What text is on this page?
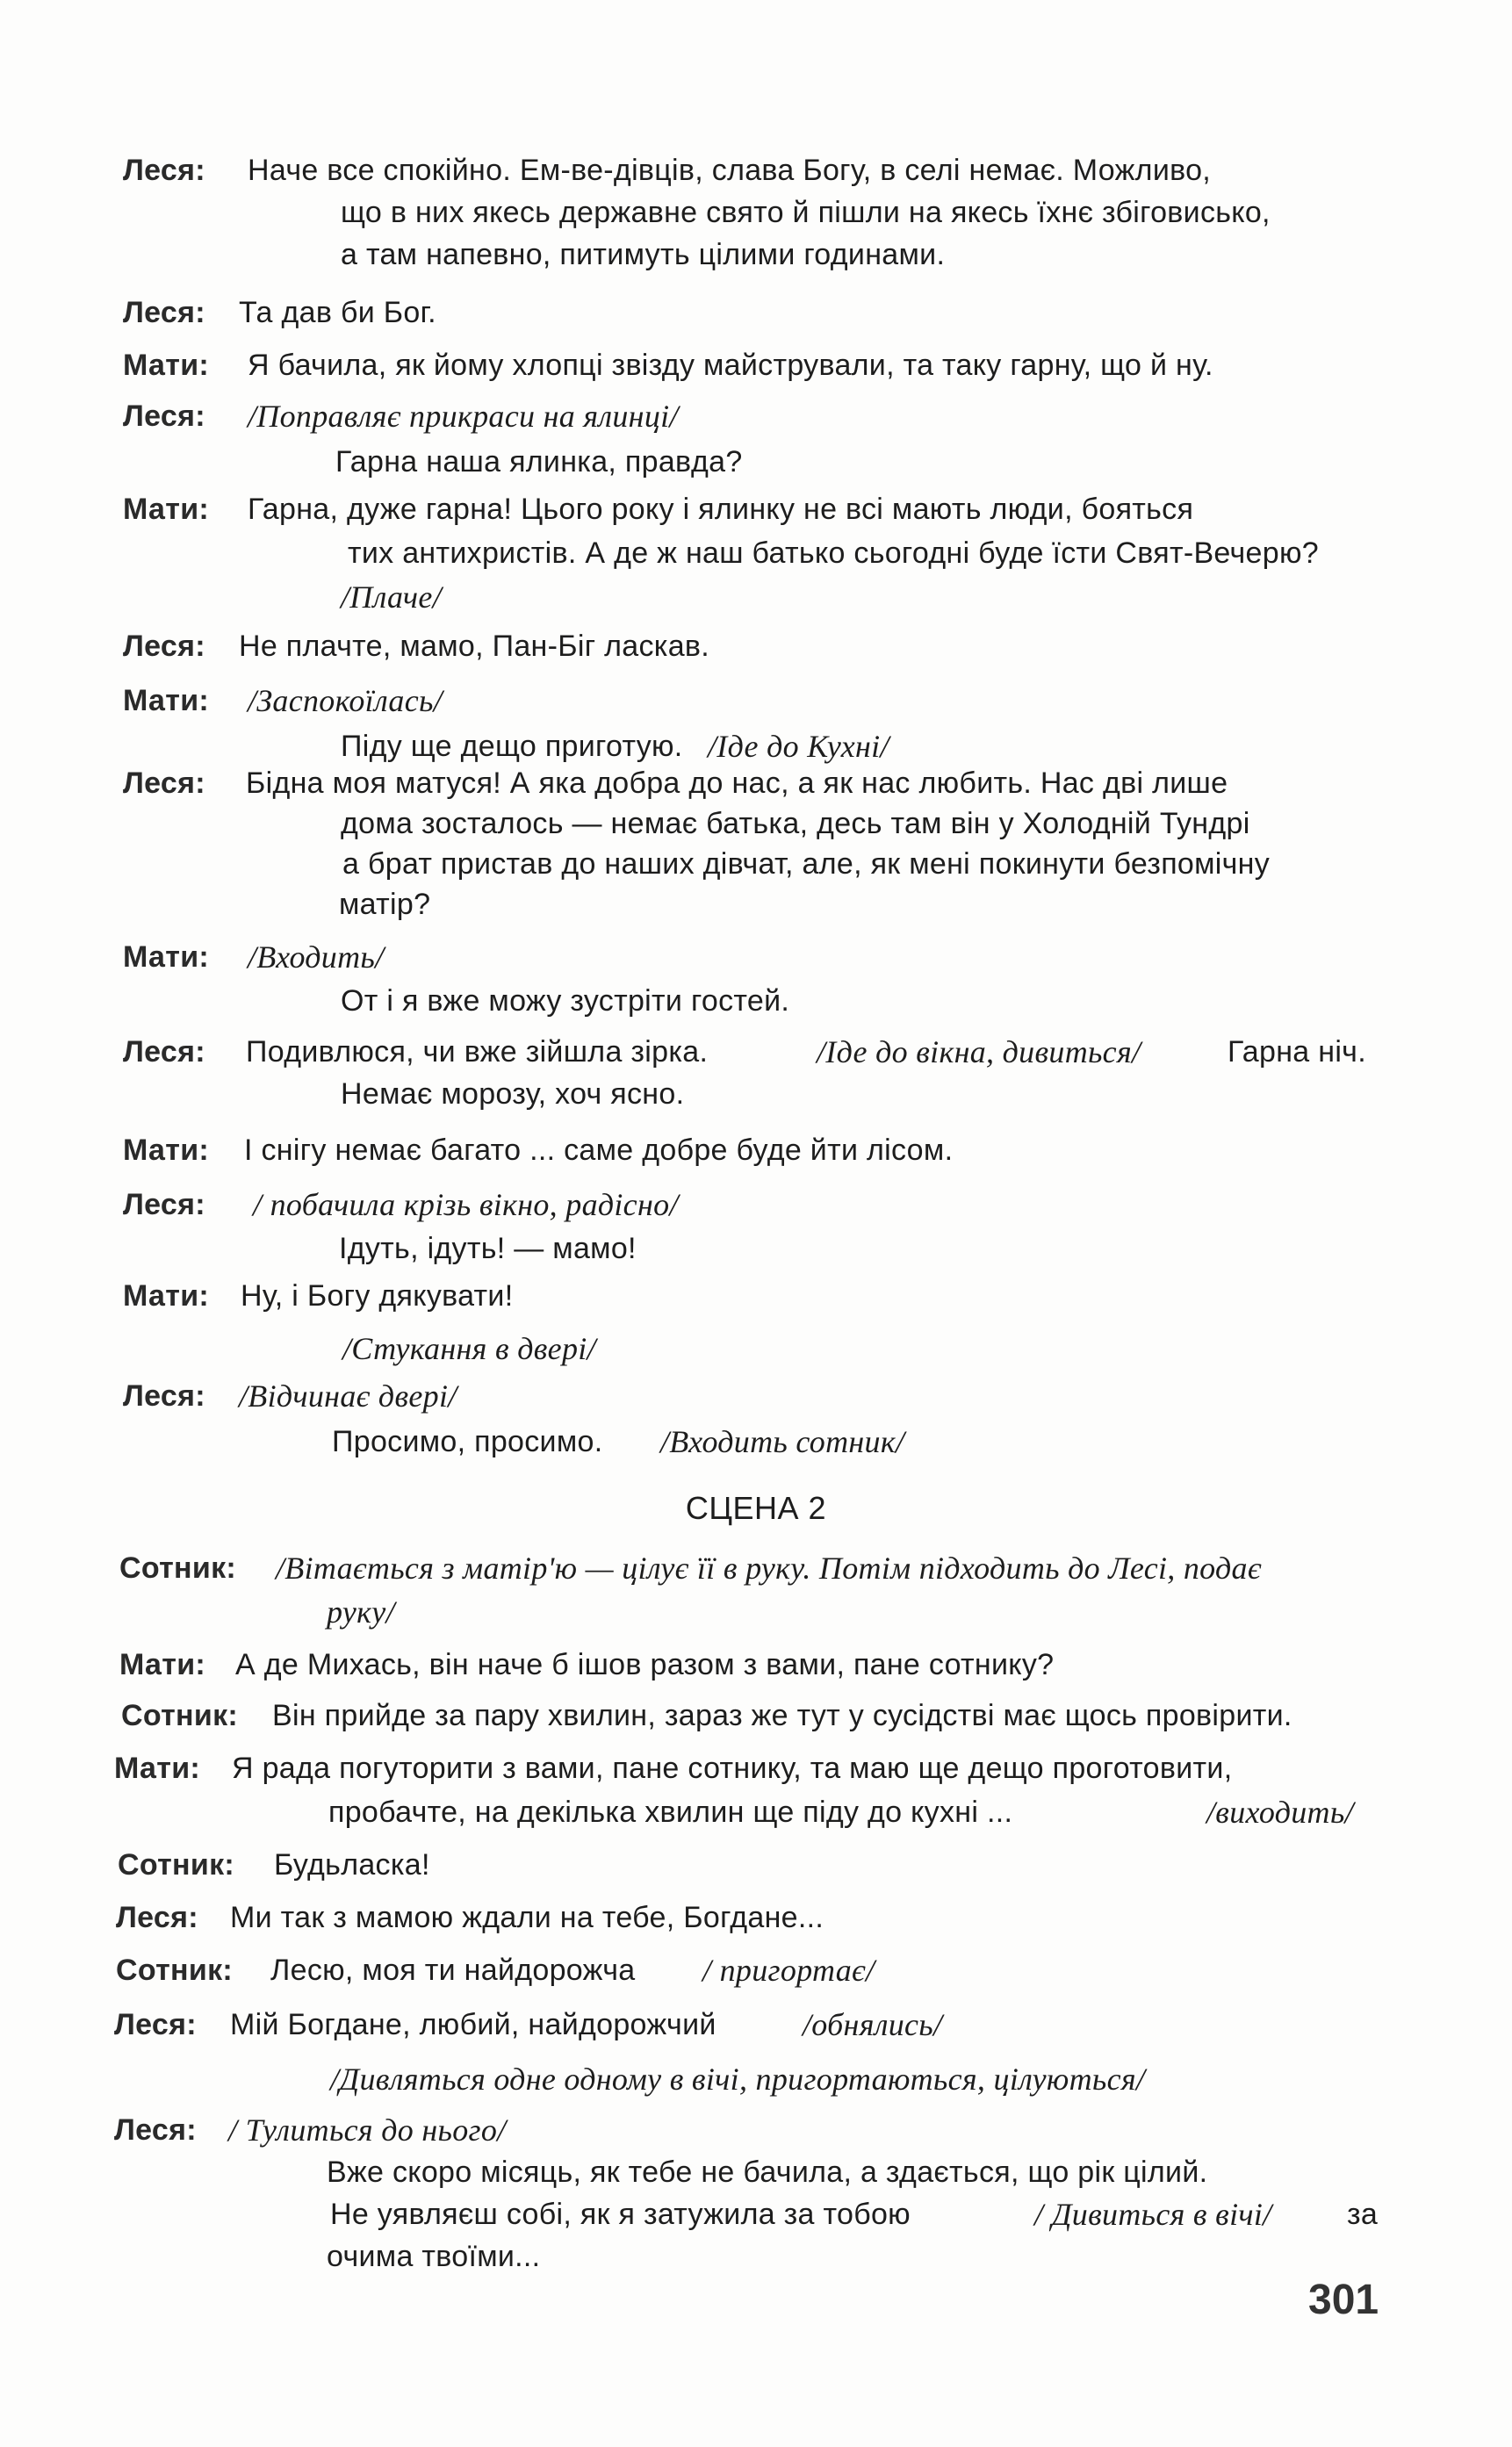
Леся: Наче все спокійно. Ем-ве-дівців, слава Богу, в селі немає. Можливо,
що в них якесь державне свято й пішли на якесь їхнє збіговисько,
а там напевно, питимуть цілими годинами.
Леся: Та дав би Бог.
Мати: Я бачила, як йому хлопці звізду майстрували, та таку гарну, що й ну.
Леся: /Поправляє прикраси на ялинці/
Гарна наша ялинка, правда?
Мати: Гарна, дуже гарна! Цього року і ялинку не всі мають люди, бояться
тих антихристів. А де ж наш батько сьогодні буде їсти Свят-Вечерю?
/Плаче/
Леся: Не плачте, мамо, Пан-Біг ласкав.
Мати: /Заспокоїлась/
Піду ще дещо приготую. /Іде до Кухні/
Леся: Бідна моя матуся! А яка добра до нас, а як нас любить. Нас дві лише
дома зосталось — немає батька, десь там він у Холодній Тундрі
а брат пристав до наших дівчат, але, як мені покинути безпомічну
матір?
Мати: /Входить/
От і я вже можу зустріти гостей.
Леся: Подивлюся, чи вже зійшла зірка.	/Іде до вікна, дивиться/	Гарна ніч.
Немає морозу, хоч ясно.
Мати: І снігу немає багато ... саме добре буде йти лісом.
Леся: / побачила крізь вікно, радісно/
Ідуть, ідуть! — мамо!
Мати: Ну, і Богу дякувати!
/Стукання в двері/
Леся: /Відчинає двері/
Просимо, просимо. /Входить сотник/
СЦЕНА 2
Сотник: /Вітається з матір'ю — цілує її в руку. Потім підходить до Лесі, подає
руку/
Мати: А де Михась, він наче б ішов разом з вами, пане сотнику?
Сотник: Він прийде за пару хвилин, зараз же тут у сусідстві має щось провірити.
Мати: Я рада погуторити з вами, пане сотнику, та маю ще дещо проготовити,
пробачте, на декілька хвилин ще піду до кухні ...	/виходить/
Сотник: Будьласка!
Леся: Ми так з мамою ждали на тебе, Богдане...
Сотник: Лесю, моя ти найдорожча / пригортає/
Леся: Мій Богдане, любий, найдорожчий	/обнялись/
/Дивляться одне одному в вічі, пригортаються, цілуються/
Леся: / Тулиться до нього/
Вже скоро місяць, як тебе не бачила, а здається, що рік цілий.
Не уявляєш собі, як я затужила за тобою	/ Дивиться в вічі/	за
очима твоїми...
301
